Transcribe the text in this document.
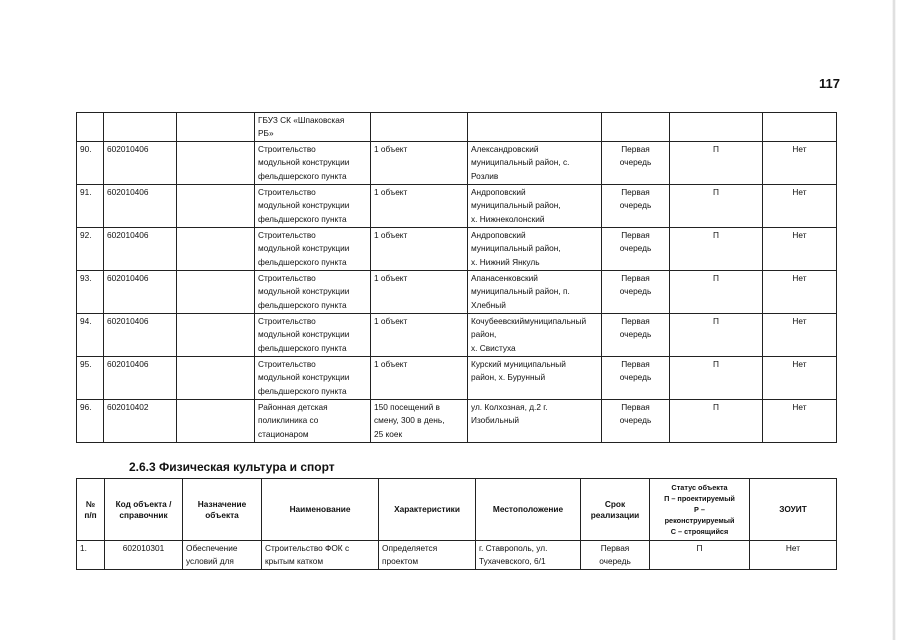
117
			ГБУЗ СК «Шпаковская
РБ»					
90.	602010406		Строительство
модульной конструкции
фельдшерского пункта	1 объект	Александровский
муниципальный район, с.
Розлив	Первая
очередь	П	Нет
91.	602010406		Строительство
модульной конструкции
фельдшерского пункта	1 объект	Андроповский
муниципальный район,
х. Нижнеколонский	Первая
очередь	П	Нет
92.	602010406		Строительство
модульной конструкции
фельдшерского пункта	1 объект	Андроповский
муниципальный район,
х. Нижний Янкуль	Первая
очередь	П	Нет
93.	602010406		Строительство
модульной конструкции
фельдшерского пункта	1 объект	Апанасенковский
муниципальный район, п.
Хлебный	Первая
очередь	П	Нет
94.	602010406		Строительство
модульной конструкции
фельдшерского пункта	1 объект	Кочубеевскиймуниципальный
район,
х. Свистуха	Первая
очередь	П	Нет
95.	602010406		Строительство
модульной конструкции
фельдшерского пункта	1 объект	Курский муниципальный
район, х. Бурунный	Первая
очередь	П	Нет
96.	602010402		Районная детская
поликлиника со
стационаром	150 посещений в
смену, 300 в день,
25 коек	ул. Колхозная, д.2 г.
Изобильный	Первая
очередь	П	Нет
2.6.3 Физическая культура и спорт
№
п/п	Код объекта /
справочник	Назначение
объекта	Наименование	Характеристики	Местоположение	Срок
реализации	Статус объекта
П – проектируемый
Р –
реконструируемый
С – строящийся	ЗОУИТ
1.	602010301	Обеспечение
условий для	Строительство ФОК с
крытым катком	Определяется
проектом	г. Ставрополь, ул.
Тухачевского, 6/1	Первая
очередь	П	Нет
